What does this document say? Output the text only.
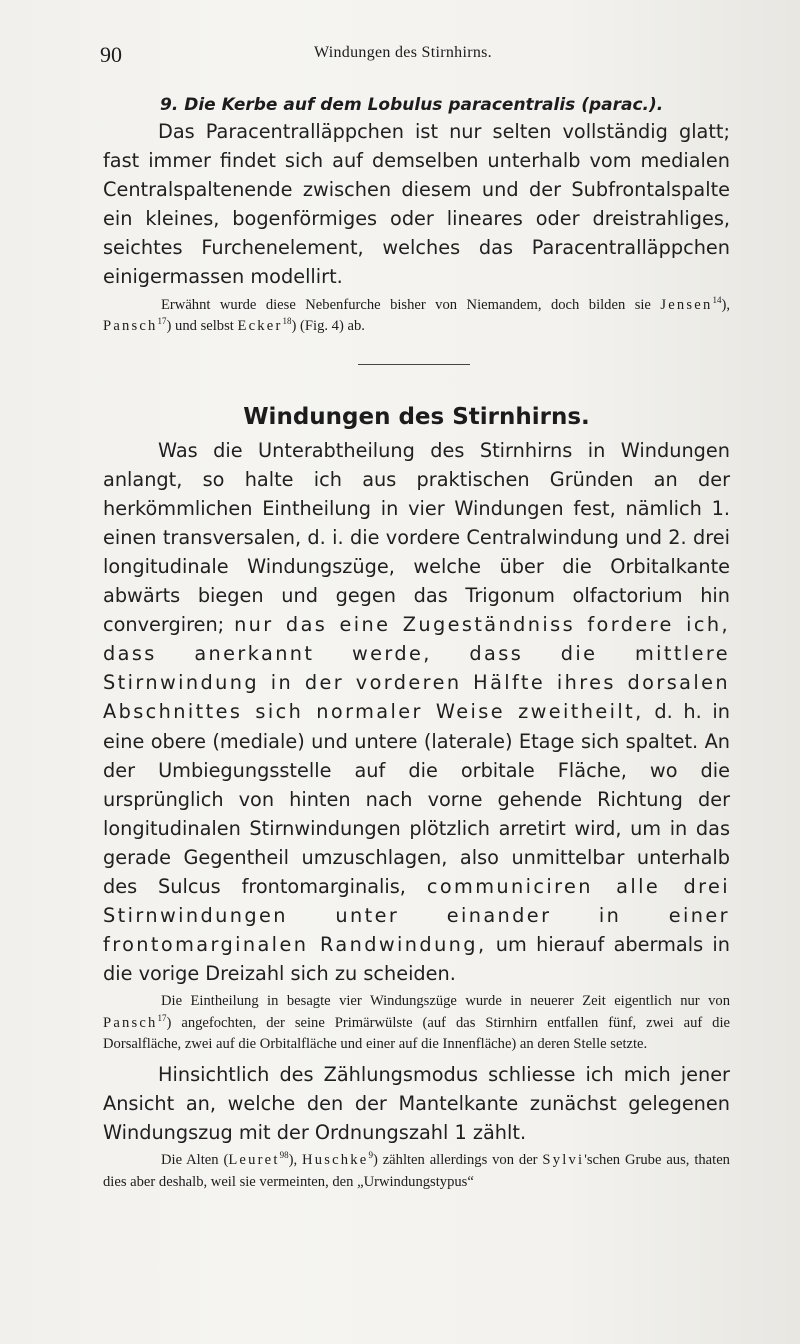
90	Windungen des Stirnhirns.
9. Die Kerbe auf dem Lobulus paracentralis (parac.).

Das Paracentralläppchen ist nur selten vollständig glatt; fast immer findet sich auf demselben unterhalb vom medialen Centralspaltenende zwischen diesem und der Subfrontalspalte ein kleines, bogenförmiges oder lineares oder dreistrahliges, seichtes Furchenelement, welches das Paracentralläppchen einigermassen modellirt.

Erwähnt wurde diese Nebenfurche bisher von Niemandem, doch bilden sie Jensen$^{14}$), Pansch$^{17}$) und selbst Ecker$^{18}$) (Fig. 4) ab.

Windungen des Stirnhirns.

Was die Unterabtheilung des Stirnhirns in Windungen anlangt, so halte ich aus praktischen Gründen an der herkömmlichen Eintheilung in vier Windungen fest, nämlich 1. einen transversalen, d. i. die vordere Centralwindung und 2. drei longitudinale Windungszüge, welche über die Orbitalkante abwärts biegen und gegen das Trigonum olfactorium hin convergiren; nur das eine Zugeständniss fordere ich, dass anerkannt werde, dass die mittlere Stirnwindung in der vorderen Hälfte ihres dorsalen Abschnittes sich normaler Weise zweitheilt, d. h. in eine obere (mediale) und untere (laterale) Etage sich spaltet. An der Umbiegungsstelle auf die orbitale Fläche, wo die ursprünglich von hinten nach vorne gehende Richtung der longitudinalen Stirnwindungen plötzlich arretirt wird, um in das gerade Gegentheil umzuschlagen, also unmittelbar unterhalb des Sulcus frontomarginalis, communiciren alle drei Stirnwindungen unter einander in einer frontomarginalen Randwindung, um hierauf abermals in die vorige Dreizahl sich zu scheiden.

Die Eintheilung in besagte vier Windungszüge wurde in neuerer Zeit eigentlich nur von Pansch$^{17}$) angefochten, der seine Primärwülste (auf das Stirnhirn entfallen fünf, zwei auf die Dorsalfläche, zwei auf die Orbitalfläche und einer auf die Innenfläche) an deren Stelle setzte.

Hinsichtlich des Zählungsmodus schliesse ich mich jener Ansicht an, welche den der Mantelkante zunächst gelegenen Windungszug mit der Ordnungszahl 1 zählt.

Die Alten (Leuret$^{98}$), Huschke$^9$) zählten allerdings von der Sylvi'schen Grube aus, thaten dies aber deshalb, weil sie vermeinten, den „Urwindungstypus“
